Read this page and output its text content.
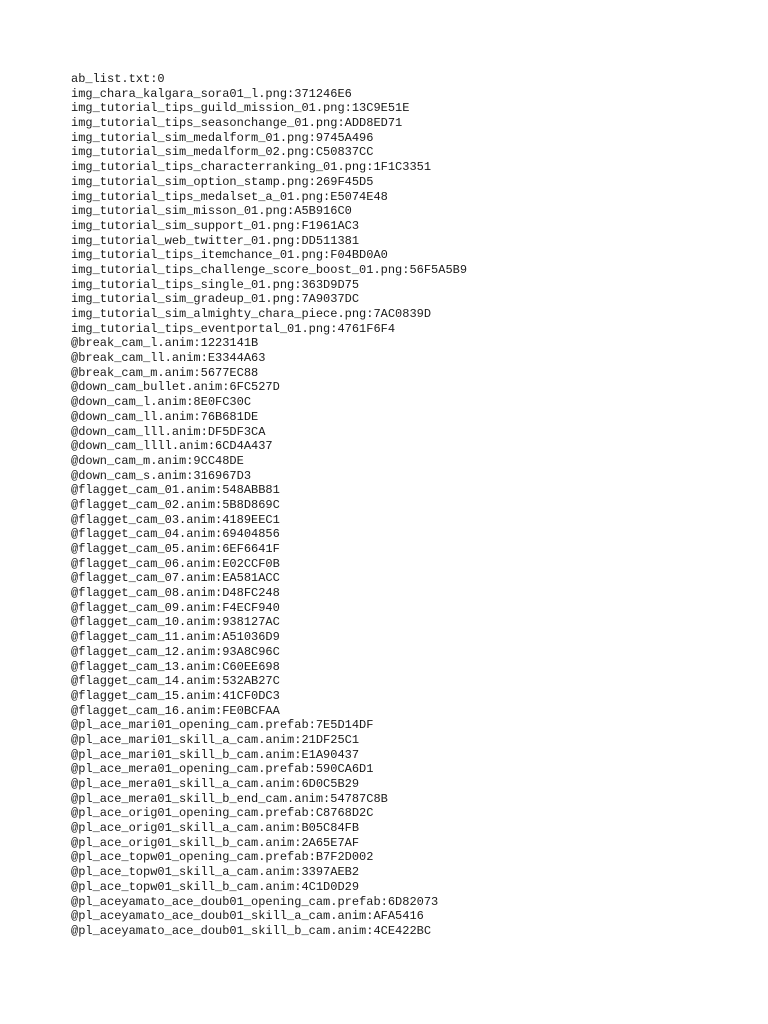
ab_list.txt:0
img_chara_kalgara_sora01_l.png:371246E6
img_tutorial_tips_guild_mission_01.png:13C9E51E
img_tutorial_tips_seasonchange_01.png:ADD8ED71
img_tutorial_sim_medalform_01.png:9745A496
img_tutorial_sim_medalform_02.png:C50837CC
img_tutorial_tips_characterranking_01.png:1F1C3351
img_tutorial_sim_option_stamp.png:269F45D5
img_tutorial_tips_medalset_a_01.png:E5074E48
img_tutorial_sim_misson_01.png:A5B916C0
img_tutorial_sim_support_01.png:F1961AC3
img_tutorial_web_twitter_01.png:DD511381
img_tutorial_tips_itemchance_01.png:F04BD0A0
img_tutorial_tips_challenge_score_boost_01.png:56F5A5B9
img_tutorial_tips_single_01.png:363D9D75
img_tutorial_sim_gradeup_01.png:7A9037DC
img_tutorial_sim_almighty_chara_piece.png:7AC0839D
img_tutorial_tips_eventportal_01.png:4761F6F4
@break_cam_l.anim:1223141B
@break_cam_ll.anim:E3344A63
@break_cam_m.anim:5677EC88
@down_cam_bullet.anim:6FC527D
@down_cam_l.anim:8E0FC30C
@down_cam_ll.anim:76B681DE
@down_cam_lll.anim:DF5DF3CA
@down_cam_llll.anim:6CD4A437
@down_cam_m.anim:9CC48DE
@down_cam_s.anim:316967D3
@flagget_cam_01.anim:548ABB81
@flagget_cam_02.anim:5B8D869C
@flagget_cam_03.anim:4189EEC1
@flagget_cam_04.anim:69404856
@flagget_cam_05.anim:6EF6641F
@flagget_cam_06.anim:E02CCF0B
@flagget_cam_07.anim:EA581ACC
@flagget_cam_08.anim:D48FC248
@flagget_cam_09.anim:F4ECF940
@flagget_cam_10.anim:938127AC
@flagget_cam_11.anim:A51036D9
@flagget_cam_12.anim:93A8C96C
@flagget_cam_13.anim:C60EE698
@flagget_cam_14.anim:532AB27C
@flagget_cam_15.anim:41CF0DC3
@flagget_cam_16.anim:FE0BCFAA
@pl_ace_mari01_opening_cam.prefab:7E5D14DF
@pl_ace_mari01_skill_a_cam.anim:21DF25C1
@pl_ace_mari01_skill_b_cam.anim:E1A90437
@pl_ace_mera01_opening_cam.prefab:590CA6D1
@pl_ace_mera01_skill_a_cam.anim:6D0C5B29
@pl_ace_mera01_skill_b_end_cam.anim:54787C8B
@pl_ace_orig01_opening_cam.prefab:C8768D2C
@pl_ace_orig01_skill_a_cam.anim:B05C84FB
@pl_ace_orig01_skill_b_cam.anim:2A65E7AF
@pl_ace_topw01_opening_cam.prefab:B7F2D002
@pl_ace_topw01_skill_a_cam.anim:3397AEB2
@pl_ace_topw01_skill_b_cam.anim:4C1D0D29
@pl_aceyamato_ace_doub01_opening_cam.prefab:6D82073
@pl_aceyamato_ace_doub01_skill_a_cam.anim:AFA5416
@pl_aceyamato_ace_doub01_skill_b_cam.anim:4CE422BC
